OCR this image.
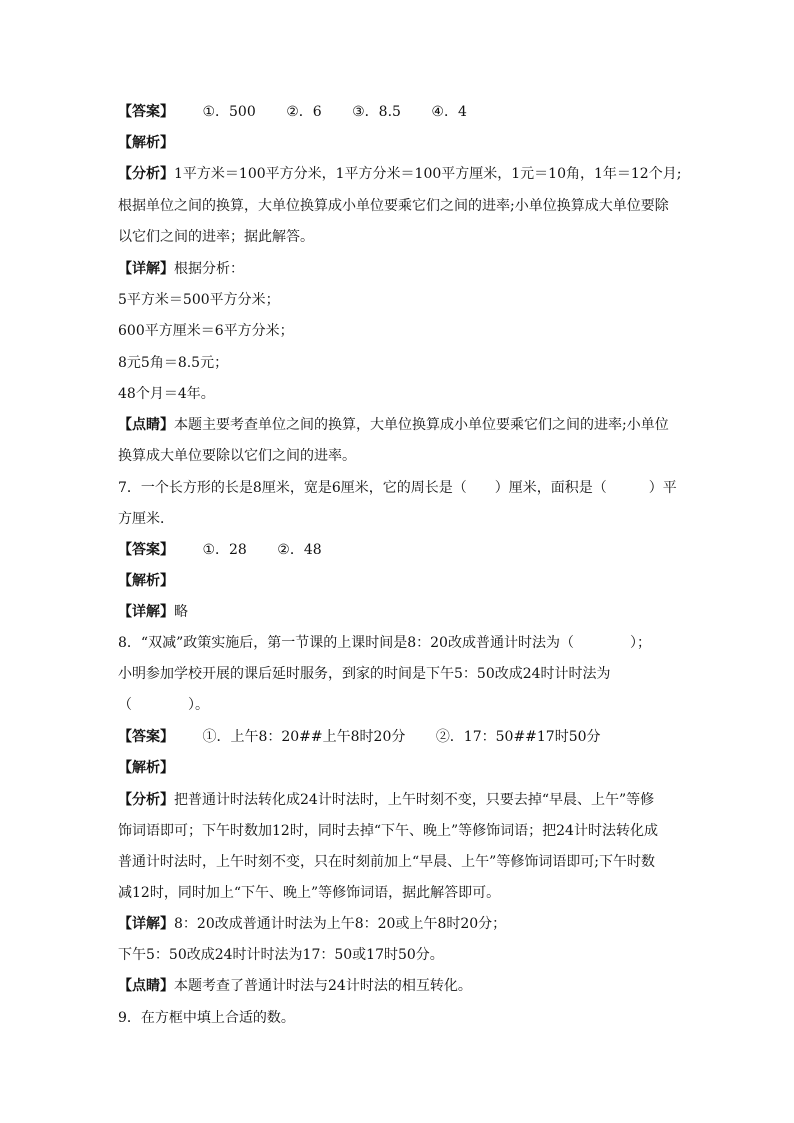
【答案】 ①．500 ②．6 ③．8.5 ④．4
【解析】
【分析】1平方米＝100平方分米，1平方分米＝100平方厘米，1元＝10角，1年＝12个月;
根据单位之间的换算，大单位换算成小单位要乘它们之间的进率;小单位换算成大单位要除
以它们之间的进率；据此解答。
【详解】根据分析：
5平方米＝500平方分米；
600平方厘米＝6平方分米；
8元5角＝8.5元；
48个月＝4年。
【点睛】本题主要考查单位之间的换算，大单位换算成小单位要乘它们之间的进率;小单位
换算成大单位要除以它们之间的进率。
7．一个长方形的长是8厘米，宽是6厘米，它的周长是（　　）厘米，面积是（　　　）平
方厘米．
【答案】 ①．28 ②．48
【解析】
【详解】略
8．“双减”政策实施后，第一节课的上课时间是8：20改成普通计时法为（　　　　）；
小明参加学校开展的课后延时服务，到家的时间是下午5：50改成24时计时法为
（　　　　）。
【答案】 ①．上午8：20##上午8时20分 ②．17：50##17时50分
【解析】
【分析】把普通计时法转化成24计时法时，上午时刻不变，只要去掉“早晨、上午”等修
饰词语即可；下午时数加12时，同时去掉“下午、晚上”等修饰词语；把24计时法转化成
普通计时法时，上午时刻不变，只在时刻前加上“早晨、上午”等修饰词语即可;下午时数
减12时，同时加上“下午、晚上”等修饰词语，据此解答即可。
【详解】8：20改成普通计时法为上午8：20或上午8时20分；
下午5：50改成24时计时法为17：50或17时50分。
【点睛】本题考查了普通计时法与24计时法的相互转化。
9．在方框中填上合适的数。
